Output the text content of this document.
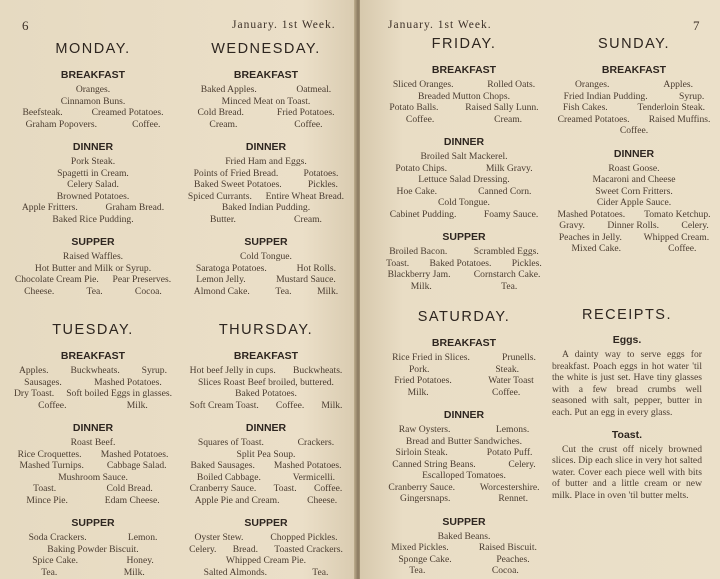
6	January. 1st Week.
MONDAY.
BREAKFAST
Oranges.
Cinnamon Buns.
Beefsteak.	Creamed Potatoes.
Graham Popovers.	Coffee.
DINNER
Pork Steak.
Spagetti in Cream.
Celery Salad.
Browned Potatoes.
Apple Fritters.	Graham Bread.
Baked Rice Pudding.
SUPPER
Raised Waffles.
Hot Butter and Milk or Syrup.
Chocolate Cream Pie. Pear Preserves.
Cheese.	Tea.	Cocoa.
WEDNESDAY.
BREAKFAST
Baked Apples.	Oatmeal.
Minced Meat on Toast.
Cold Bread.	Fried Potatoes.
Cream.	Coffee.
DINNER
Fried Ham and Eggs.
Points of Fried Bread.	Potatoes.
Baked Sweet Potatoes.	Pickles.
Spiced Currants. Entire Wheat Bread.
Baked Indian Pudding.
Butter.	Cream.
SUPPER
Cold Tongue.
Saratoga Potatoes.	Hot Rolls.
Lemon Jelly.	Mustard Sauce.
Almond Cake.	Tea.	Milk.
TUESDAY.
BREAKFAST
Apples. Buckwheats. Syrup.
Sausages.	Mashed Potatoes.
Dry Toast. Soft boiled Eggs in glasses.
Coffee.	Milk.
DINNER
Roast Beef.
Rice Croquettes. Mashed Potatoes.
Mashed Turnips. Cabbage Salad.
Mushroom Sauce.
Toast.	Cold Bread.
Mince Pie.	Edam Cheese.
SUPPER
Soda Crackers.	Lemon.
Baking Powder Biscuit.
Spice Cake.	Honey.
Tea.	Milk.
THURSDAY.
BREAKFAST
Hot beef Jelly in cups. Buckwheats.
Slices Roast Beef broiled, buttered.
Baked Potatoes.
Soft Cream Toast. Coffee. Milk.
DINNER
Squares of Toast.	Crackers.
Split Pea Soup.
Baked Sausages. Mashed Potatoes.
Boiled Cabbage.	Vermicelli.
Cranberry Sauce. Toast. Coffee.
Apple Pie and Cream.	Cheese.
SUPPER
Oyster Stew.	Chopped Pickles.
Celery. Bread. Toasted Crackers.
Whipped Cream Pie.
Salted Almonds.	Tea.
January. 1st Week.	7
FRIDAY.
BREAKFAST
Sliced Oranges.	Rolled Oats.
Breaded Mutton Chops.
Potato Balls.	Raised Sally Lunn.
Coffee.	Cream.
DINNER
Broiled Salt Mackerel.
Potato Chips.	Milk Gravy.
Lettuce Salad Dressing.
Hoe Cake.	Canned Corn.
Cold Tongue.
Cabinet Pudding.	Foamy Sauce.
SUPPER
Broiled Bacon.	Scrambled Eggs.
Toast. Baked Potatoes. Pickles.
Blackberry Jam. Cornstarch Cake.
Milk.	Tea.
SUNDAY.
BREAKFAST
Oranges.	Apples.
Fried Indian Pudding.	Syrup.
Fish Cakes.	Tenderloin Steak.
Creamed Potatoes. Raised Muffins.
Coffee.
DINNER
Roast Goose.
Macaroni and Cheese
Sweet Corn Fritters.
Cider Apple Sauce.
Mashed Potatoes. Tomato Ketchup.
Gravy. Dinner Rolls. Celery.
Peaches in Jelly. Whipped Cream.
Mixed Cake.	Coffee.
SATURDAY.
BREAKFAST
Rice Fried in Slices.	Prunells.
Pork.	Steak.
Fried Potatoes.	Water Toast
Milk.	Coffee.
DINNER
Raw Oysters.	Lemons.
Bread and Butter Sandwiches.
Sirloin Steak.	Potato Puff.
Canned String Beans.	Celery.
Escalloped Tomatoes.
Cranberry Sauce.	Worcestershire.
Gingersnaps.	Rennet.
SUPPER
Baked Beans.
Mixed Pickles.	Raised Biscuit.
Sponge Cake.	Peaches.
Tea.	Cocoa.
RECEIPTS.
Eggs.
A dainty way to serve eggs for breakfast. Poach eggs in hot water 'til the white is just set. Have tiny glasses with a few bread crumbs well seasoned with salt, pepper, butter in each. Put an egg in every glass.
Toast.
Cut the crust off nicely browned slices. Dip each slice in very hot salted water. Cover each piece well with bits of butter and a little cream or new milk. Place in oven 'til butter melts.
